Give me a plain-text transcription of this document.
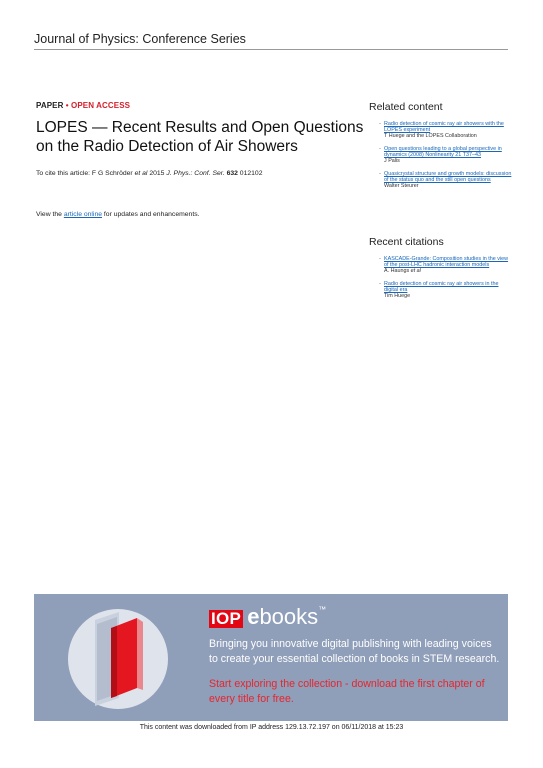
Journal of Physics: Conference Series
PAPER • OPEN ACCESS
LOPES — Recent Results and Open Questions on the Radio Detection of Air Showers
To cite this article: F G Schröder et al 2015 J. Phys.: Conf. Ser. 632 012102
View the article online for updates and enhancements.
Related content
- Radio detection of cosmic ray air showers with the LOPES experiment
T Huege and the LOPES Collaboration
- Open questions leading to a global perspective in dynamics (2008) Nonlinearity 21 T37–43
J Palis
- Quasicrystal structure and growth models: discussion of the status quo and the still open questions
Walter Steurer
Recent citations
- KASCADE-Grande: Composition studies in the view of the post-LHC hadronic interaction models
A. Haungs et al
- Radio detection of cosmic ray air showers in the digital era
Tim Huege
IOP ebooks ™
Bringing you innovative digital publishing with leading voices
to create your essential collection of books in STEM research.
Start exploring the collection - download the first chapter of
every title for free.
This content was downloaded from IP address 129.13.72.197 on 06/11/2018 at 15:23
